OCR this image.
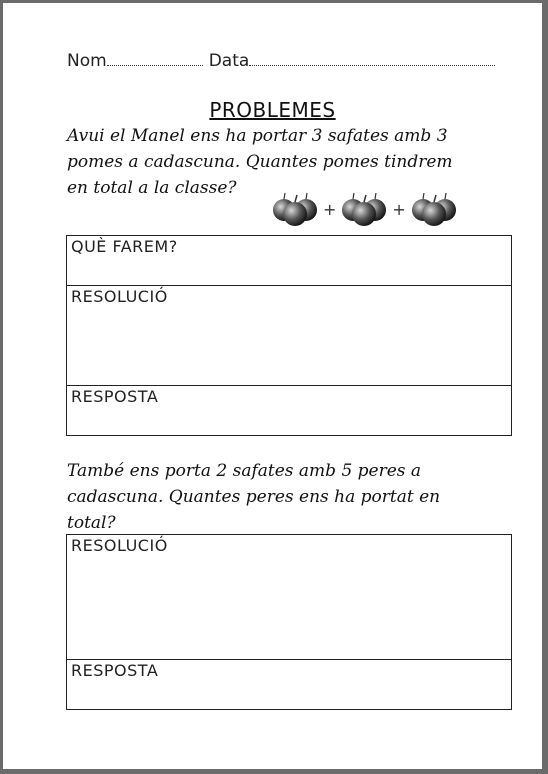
Nom	Data
PROBLEMES
Avui el Manel ens ha portar 3 safates amb 3
pomes a cadascuna. Quantes pomes tindrem
en total a la classe?
+	+
QUÈ FAREM?
RESOLUCIÓ
RESPOSTA
També ens porta 2 safates amb 5 peres a
cadascuna. Quantes peres ens ha portat en
total?
RESOLUCIÓ
RESPOSTA
